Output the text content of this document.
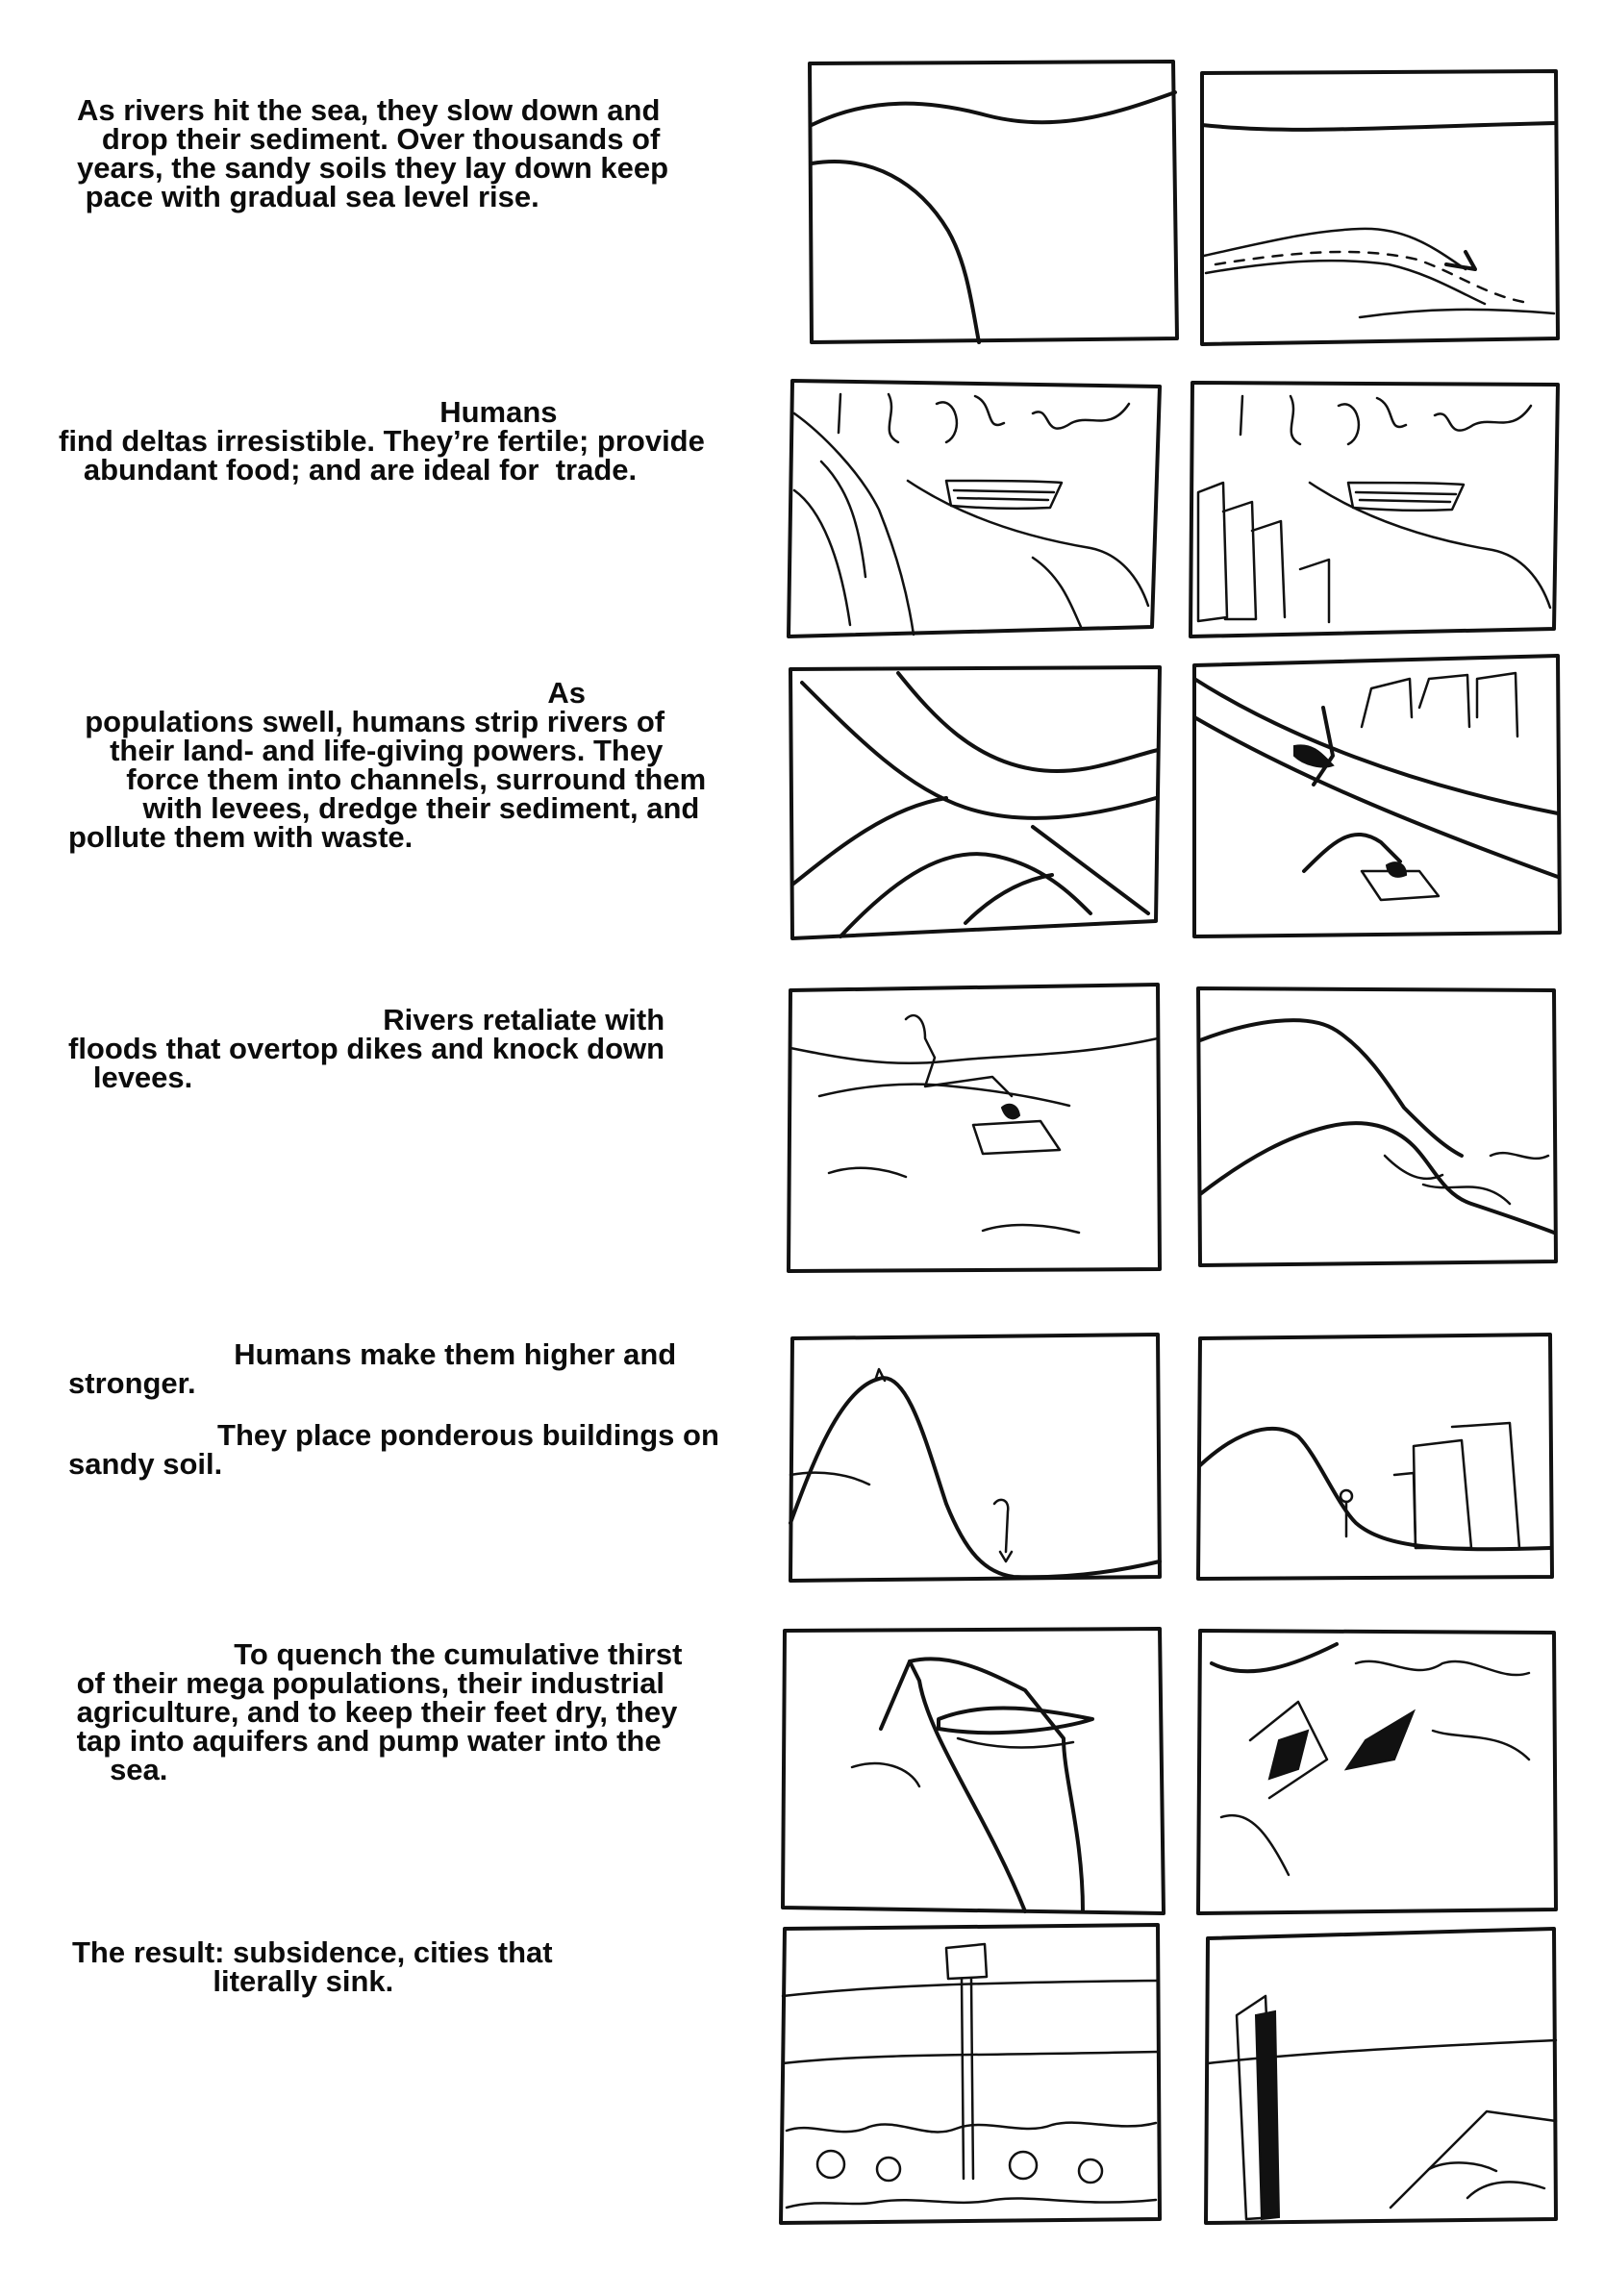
As rivers hit the sea, they slow down and
drop their sediment. Over thousands of
years, the sandy soils they lay down keep
pace with gradual sea level rise.
Humans
find deltas irresistible. They’re fertile; provide
abundant food; and are ideal for  trade.
As
populations swell, humans strip rivers of
their land- and life-giving powers. They
force them into channels, surround them
with levees, dredge their sediment, and
pollute them with waste.
Rivers retaliate with
floods that overtop dikes and knock down
levees.
Humans make them higher and
stronger.
They place ponderous buildings on
sandy soil.
To quench the cumulative thirst
of their mega populations, their industrial
agriculture, and to keep their feet dry, they
tap into aquifers and pump water into the
sea.
The result: subsidence, cities that
literally sink.
